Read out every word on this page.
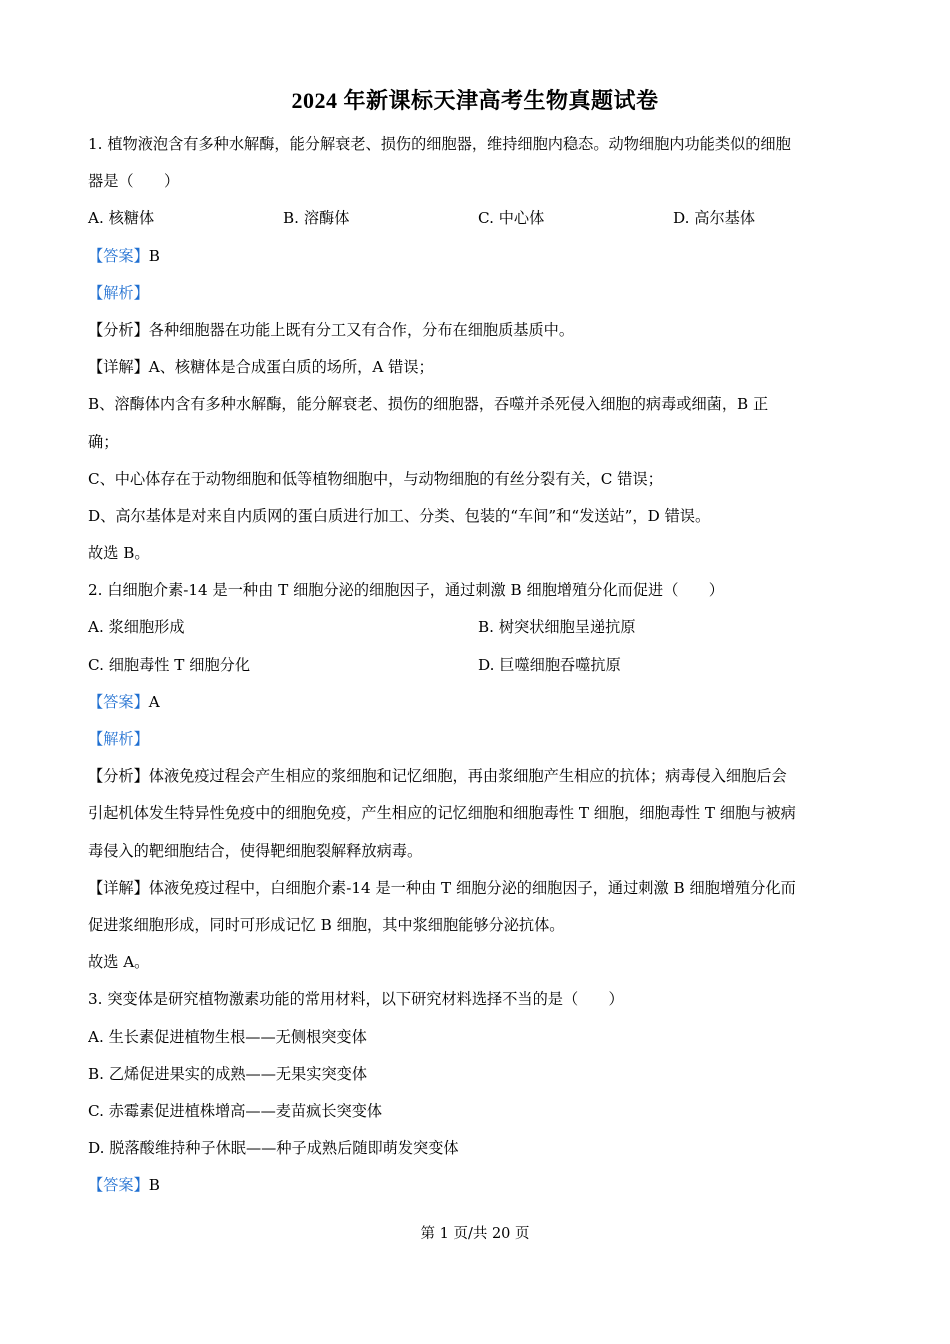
2024 年新课标天津高考生物真题试卷
1. 植物液泡含有多种水解酶，能分解衰老、损伤的细胞器，维持细胞内稳态。动物细胞内功能类似的细胞
器是（　　）
A. 核糖体	B. 溶酶体	C. 中心体	D. 高尔基体
【答案】B
【解析】
【分析】各种细胞器在功能上既有分工又有合作，分布在细胞质基质中。
【详解】A、核糖体是合成蛋白质的场所，A 错误；
B、溶酶体内含有多种水解酶，能分解衰老、损伤的细胞器，吞噬并杀死侵入细胞的病毒或细菌，B 正
确；
C、中心体存在于动物细胞和低等植物细胞中，与动物细胞的有丝分裂有关，C 错误；
D、高尔基体是对来自内质网的蛋白质进行加工、分类、包装的“车间”和“发送站”，D 错误。
故选 B。
2. 白细胞介素-14 是一种由 T 细胞分泌的细胞因子，通过刺激 B 细胞增殖分化而促进（　　）
A. 浆细胞形成	B. 树突状细胞呈递抗原
C. 细胞毒性 T 细胞分化	D. 巨噬细胞吞噬抗原
【答案】A
【解析】
【分析】体液免疫过程会产生相应的浆细胞和记忆细胞，再由浆细胞产生相应的抗体；病毒侵入细胞后会
引起机体发生特异性免疫中的细胞免疫，产生相应的记忆细胞和细胞毒性 T 细胞，细胞毒性 T 细胞与被病
毒侵入的靶细胞结合，使得靶细胞裂解释放病毒。
【详解】体液免疫过程中，白细胞介素-14 是一种由 T 细胞分泌的细胞因子，通过刺激 B 细胞增殖分化而
促进浆细胞形成，同时可形成记忆 B 细胞，其中浆细胞能够分泌抗体。
故选 A。
3. 突变体是研究植物激素功能的常用材料，以下研究材料选择不当的是（　　）
A. 生长素促进植物生根——无侧根突变体
B. 乙烯促进果实的成熟——无果实突变体
C. 赤霉素促进植株增高——麦苗疯长突变体
D. 脱落酸维持种子休眠——种子成熟后随即萌发突变体
【答案】B
第 1 页/共 20 页
